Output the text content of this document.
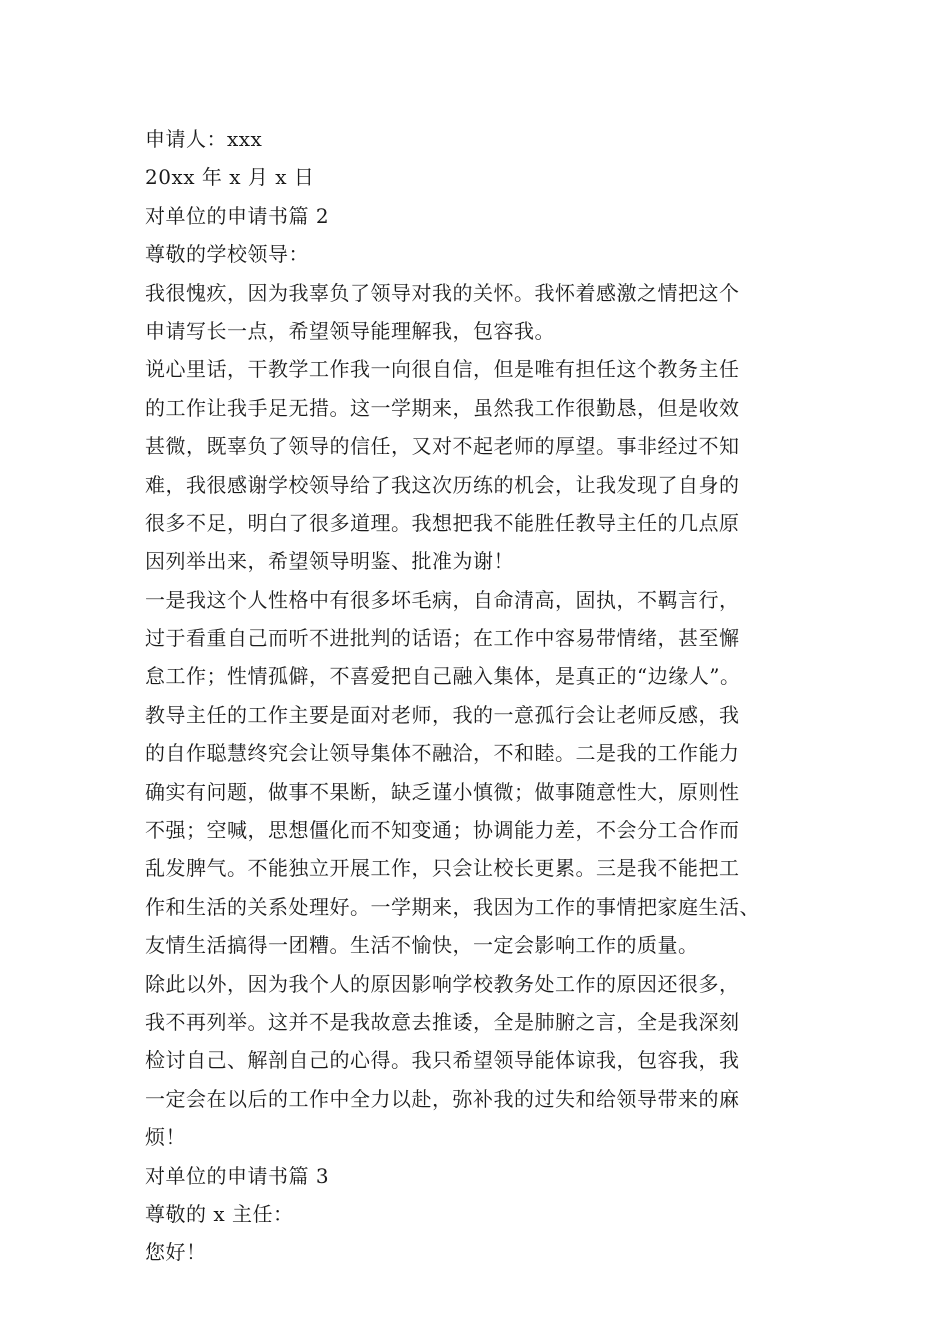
申请人：xxx
20xx 年 x 月 x 日
对单位的申请书篇 2
尊敬的学校领导：
我很愧疚，因为我辜负了领导对我的关怀。我怀着感激之情把这个
申请写长一点，希望领导能理解我，包容我。
说心里话，干教学工作我一向很自信，但是唯有担任这个教务主任
的工作让我手足无措。这一学期来，虽然我工作很勤恳，但是收效
甚微，既辜负了领导的信任，又对不起老师的厚望。事非经过不知
难，我很感谢学校领导给了我这次历练的机会，让我发现了自身的
很多不足，明白了很多道理。我想把我不能胜任教导主任的几点原
因列举出来，希望领导明鉴、批准为谢！
一是我这个人性格中有很多坏毛病，自命清高，固执，不羁言行，
过于看重自己而听不进批判的话语；在工作中容易带情绪，甚至懈
怠工作；性情孤僻，不喜爱把自己融入集体，是真正的“边缘人”。
教导主任的工作主要是面对老师，我的一意孤行会让老师反感，我
的自作聪慧终究会让领导集体不融洽，不和睦。二是我的工作能力
确实有问题，做事不果断，缺乏谨小慎微；做事随意性大，原则性
不强；空喊，思想僵化而不知变通；协调能力差，不会分工合作而
乱发脾气。不能独立开展工作，只会让校长更累。三是我不能把工
作和生活的关系处理好。一学期来，我因为工作的事情把家庭生活、
友情生活搞得一团糟。生活不愉快，一定会影响工作的质量。
除此以外，因为我个人的原因影响学校教务处工作的原因还很多，
我不再列举。这并不是我故意去推诿，全是肺腑之言，全是我深刻
检讨自己、解剖自己的心得。我只希望领导能体谅我，包容我，我
一定会在以后的工作中全力以赴，弥补我的过失和给领导带来的麻
烦！
对单位的申请书篇 3
尊敬的 x 主任：
您好！
